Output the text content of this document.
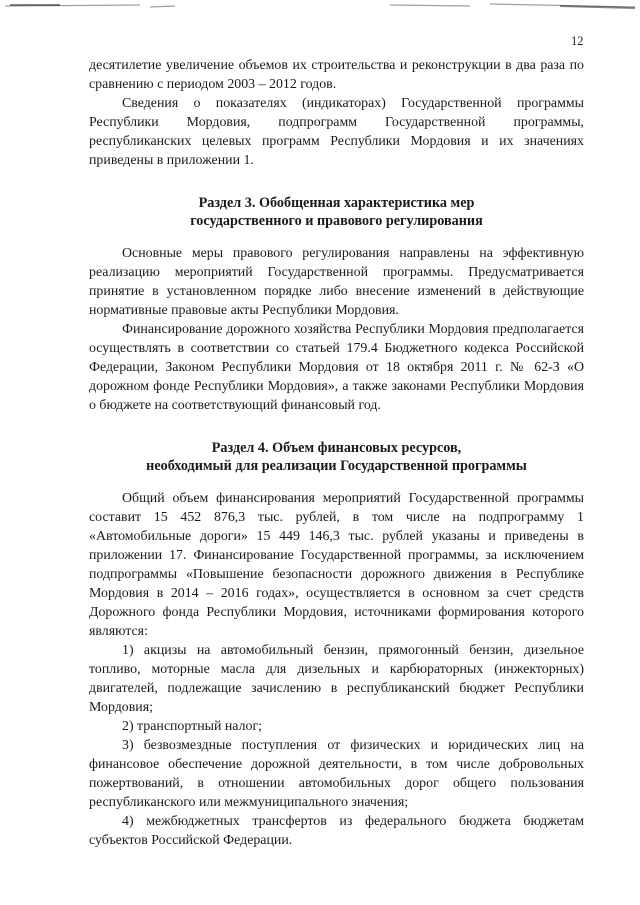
12

десятилетие увеличение объемов их строительства и реконструкции в два раза по сравнению с периодом 2003 – 2012 годов.

Сведения о показателях (индикаторах) Государственной программы Республики Мордовия, подпрограмм Государственной программы, республиканских целевых программ Республики Мордовия и их значениях приведены в приложении 1.

Раздел 3. Обобщенная характеристика мер

государственного и правового регулирования

Основные меры правового регулирования направлены на эффективную реализацию мероприятий Государственной программы. Предусматривается принятие в установленном порядке либо внесение изменений в действующие нормативные правовые акты Республики Мордовия.

Финансирование дорожного хозяйства Республики Мордовия предполагается осуществлять в соответствии со статьей 179.4 Бюджетного кодекса Российской Федерации, Законом Республики Мордовия от 18 октября 2011 г. № 62-З «О дорожном фонде Республики Мордовия», а также законами Республики Мордовия о бюджете на соответствующий финансовый год.

Раздел 4. Объем финансовых ресурсов,

необходимый для реализации Государственной программы

Общий объем финансирования мероприятий Государственной программы составит 15 452 876,3 тыс. рублей, в том числе на подпрограмму 1 «Автомобильные дороги» 15 449 146,3 тыс. рублей указаны и приведены в приложении 17. Финансирование Государственной программы, за исключением подпрограммы «Повышение безопасности дорожного движения в Республике Мордовия в 2014 – 2016 годах», осуществляется в основном за счет средств Дорожного фонда Республики Мордовия, источниками формирования которого являются:

1) акцизы на автомобильный бензин, прямогонный бензин, дизельное топливо, моторные масла для дизельных и карбюраторных (инжекторных) двигателей, подлежащие зачислению в республиканский бюджет Республики Мордовия;

2) транспортный налог;

3) безвозмездные поступления от физических и юридических лиц на финансовое обеспечение дорожной деятельности, в том числе добровольных пожертвований, в отношении автомобильных дорог общего пользования республиканского или межмуниципального значения;

4) межбюджетных трансфертов из федерального бюджета бюджетам субъектов Российской Федерации.
